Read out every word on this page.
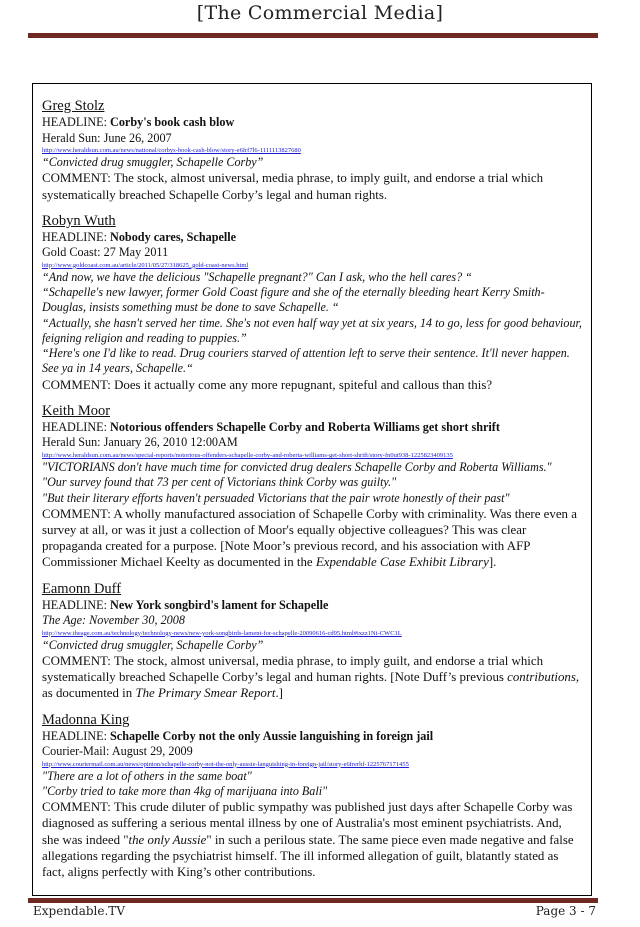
[The Commercial Media]
Greg Stolz
HEADLINE: Corby's book cash blow
Herald Sun: June 26, 2007
http://www.heraldsun.com.au/news/national/corbys-book-cash-blow/story-e6frf7l6-1111113827680
“Convicted drug smuggler, Schapelle Corby”
COMMENT: The stock, almost universal, media phrase, to imply guilt, and endorse a trial which systematically breached Schapelle Corby’s legal and human rights.
Robyn Wuth
HEADLINE: Nobody cares, Schapelle
Gold Coast: 27 May 2011
http://www.goldcoast.com.au/article/2011/05/27/318625_gold-coast-news.html
“And now, we have the delicious "Schapelle pregnant?" Can I ask, who the hell cares? “
“Schapelle's new lawyer, former Gold Coast figure and she of the eternally bleeding heart Kerry Smith-Douglas, insists something must be done to save Schapelle. “
“Actually, she hasn't served her time. She's not even half way yet at six years, 14 to go, less for good behaviour, feigning religion and reading to puppies.”
“Here's one I'd like to read. Drug couriers starved of attention left to serve their sentence. It'll never happen. See ya in 14 years, Schapelle.“
COMMENT: Does it actually come any more repugnant, spiteful and callous than this?
Keith Moor
HEADLINE: Notorious offenders Schapelle Corby and Roberta Williams get short shrift
Herald Sun: January 26, 2010 12:00AM
http://www.heraldsun.com.au/news/special-reports/notorious-offenders-schapelle-corby-and-roberta-williams-get-short-shrift/story-fn0ut938-1225823409135
"VICTORIANS don't have much time for convicted drug dealers Schapelle Corby and Roberta Williams."
"Our survey found that 73 per cent of Victorians think Corby was guilty."
"But their literary efforts haven't persuaded Victorians that the pair wrote honestly of their past"
COMMENT: A wholly manufactured association of Schapelle Corby with criminality. Was there even a survey at all, or was it just a collection of Moor's equally objective colleagues? This was clear propaganda created for a purpose. [Note Moor’s previous record, and his association with AFP Commissioner Michael Keelty as documented in the Expendable Case Exhibit Library].
Eamonn Duff
HEADLINE: New York songbird's lament for Schapelle
The Age: November 30, 2008
http://www.theage.com.au/technology/technology-news/new-york-songbirds-lament-for-schapelle-20090616-cd95.html#ixzz1Ni-CWC1L
“Convicted drug smuggler, Schapelle Corby”
COMMENT: The stock, almost universal, media phrase, to imply guilt, and endorse a trial which systematically breached Schapelle Corby’s legal and human rights. [Note Duff’s previous contributions, as documented in The Primary Smear Report.]
Madonna King
HEADLINE: Schapelle Corby not the only Aussie languishing in foreign jail
Courier-Mail: August 29, 2009
http://www.couriermail.com.au/news/opinion/schapelle-corby-not-the-only-aussie-languishing-in-foreign-jail/story-e6frerhf-1225767171455
"There are a lot of others in the same boat"
"Corby tried to take more than 4kg of marijuana into Bali"
COMMENT: This crude diluter of public sympathy was published just days after Schapelle Corby was diagnosed as suffering a serious mental illness by one of Australia's most eminent psychiatrists. And, she was indeed "the only Aussie" in such a perilous state. The same piece even made negative and false allegations regarding the psychiatrist himself. The ill informed allegation of guilt, blatantly stated as fact, aligns perfectly with King’s other contributions.
Expendable.TV	Page 3 - 7
